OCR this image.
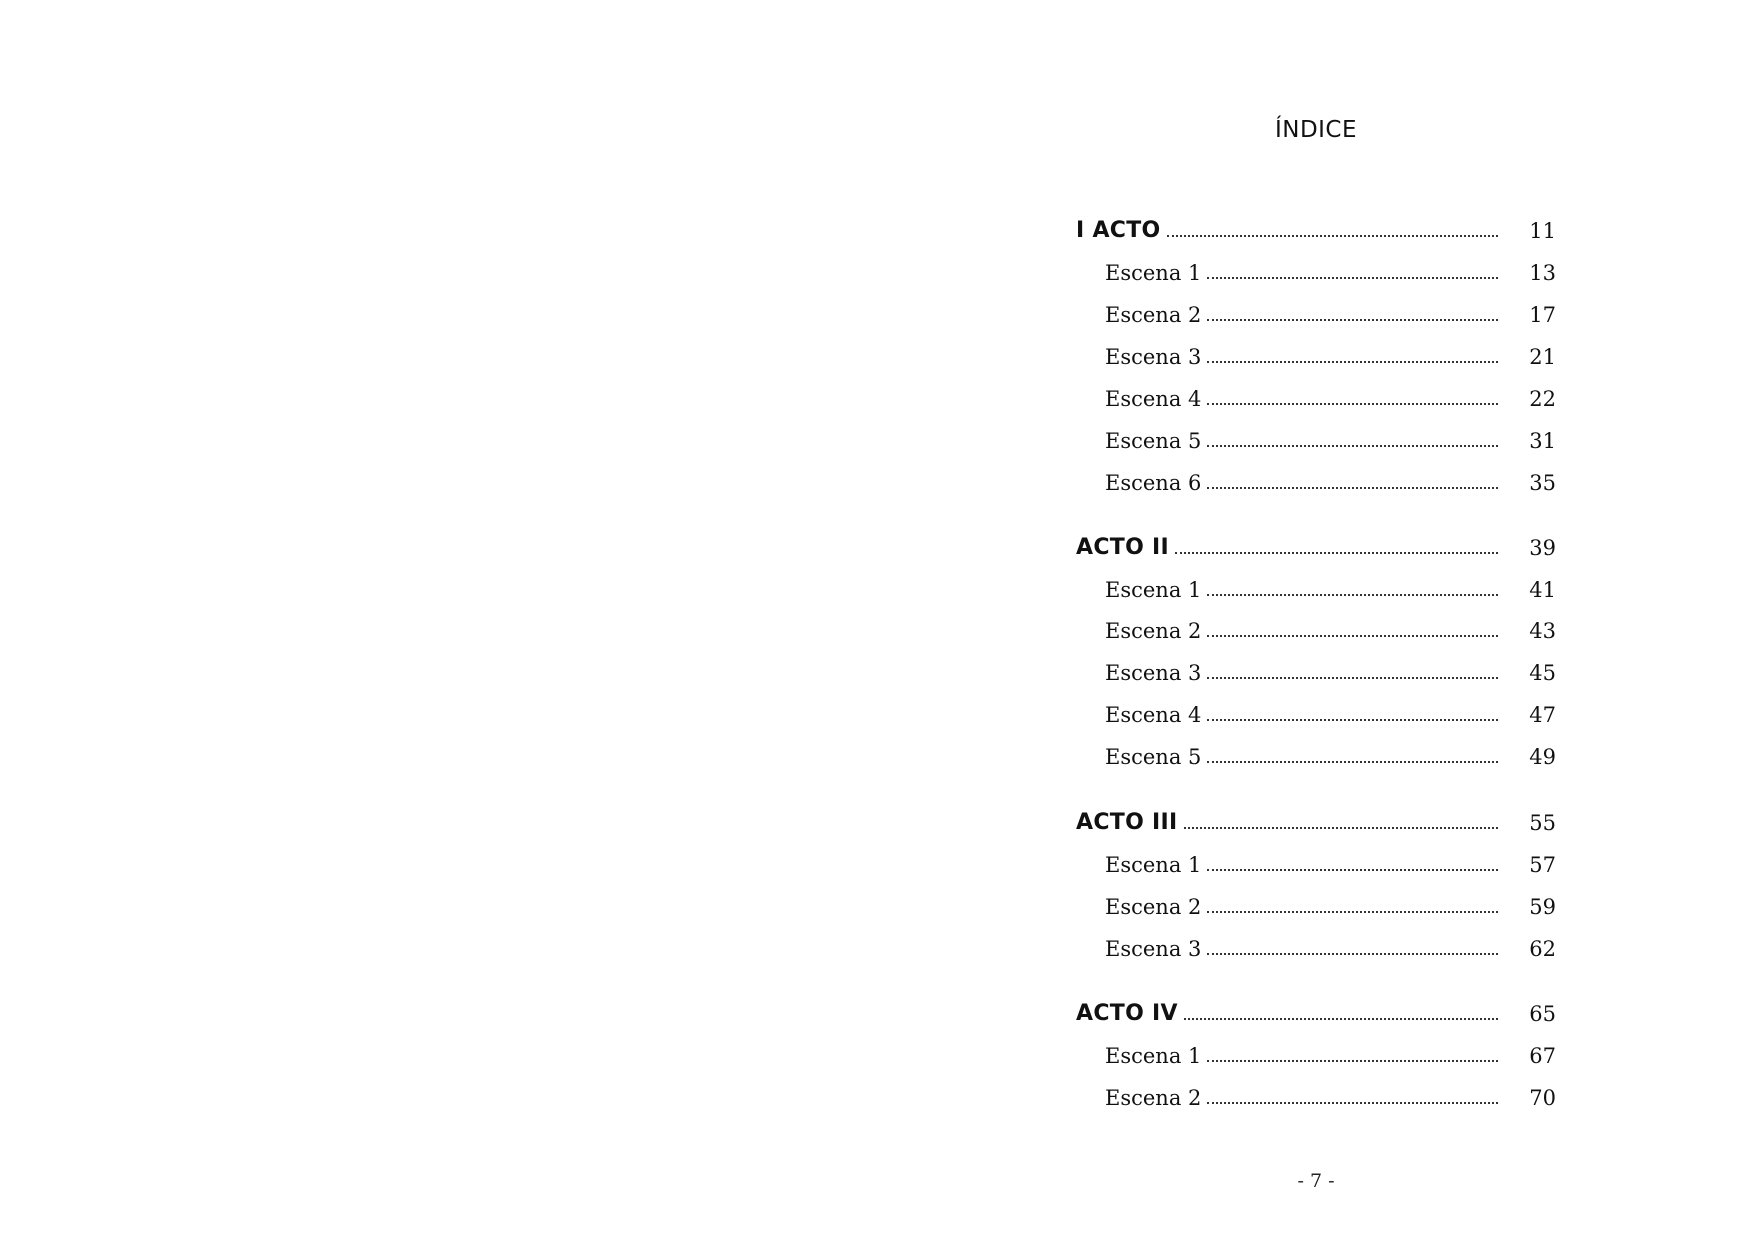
ÍNDICE
I ACTO	11
Escena 1	13
Escena 2	17
Escena 3	21
Escena 4	22
Escena 5	31
Escena 6	35
ACTO II	39
Escena 1	41
Escena 2	43
Escena 3	45
Escena 4	47
Escena 5	49
ACTO III	55
Escena 1	57
Escena 2	59
Escena 3	62
ACTO IV	65
Escena 1	67
Escena 2	70
- 7 -
